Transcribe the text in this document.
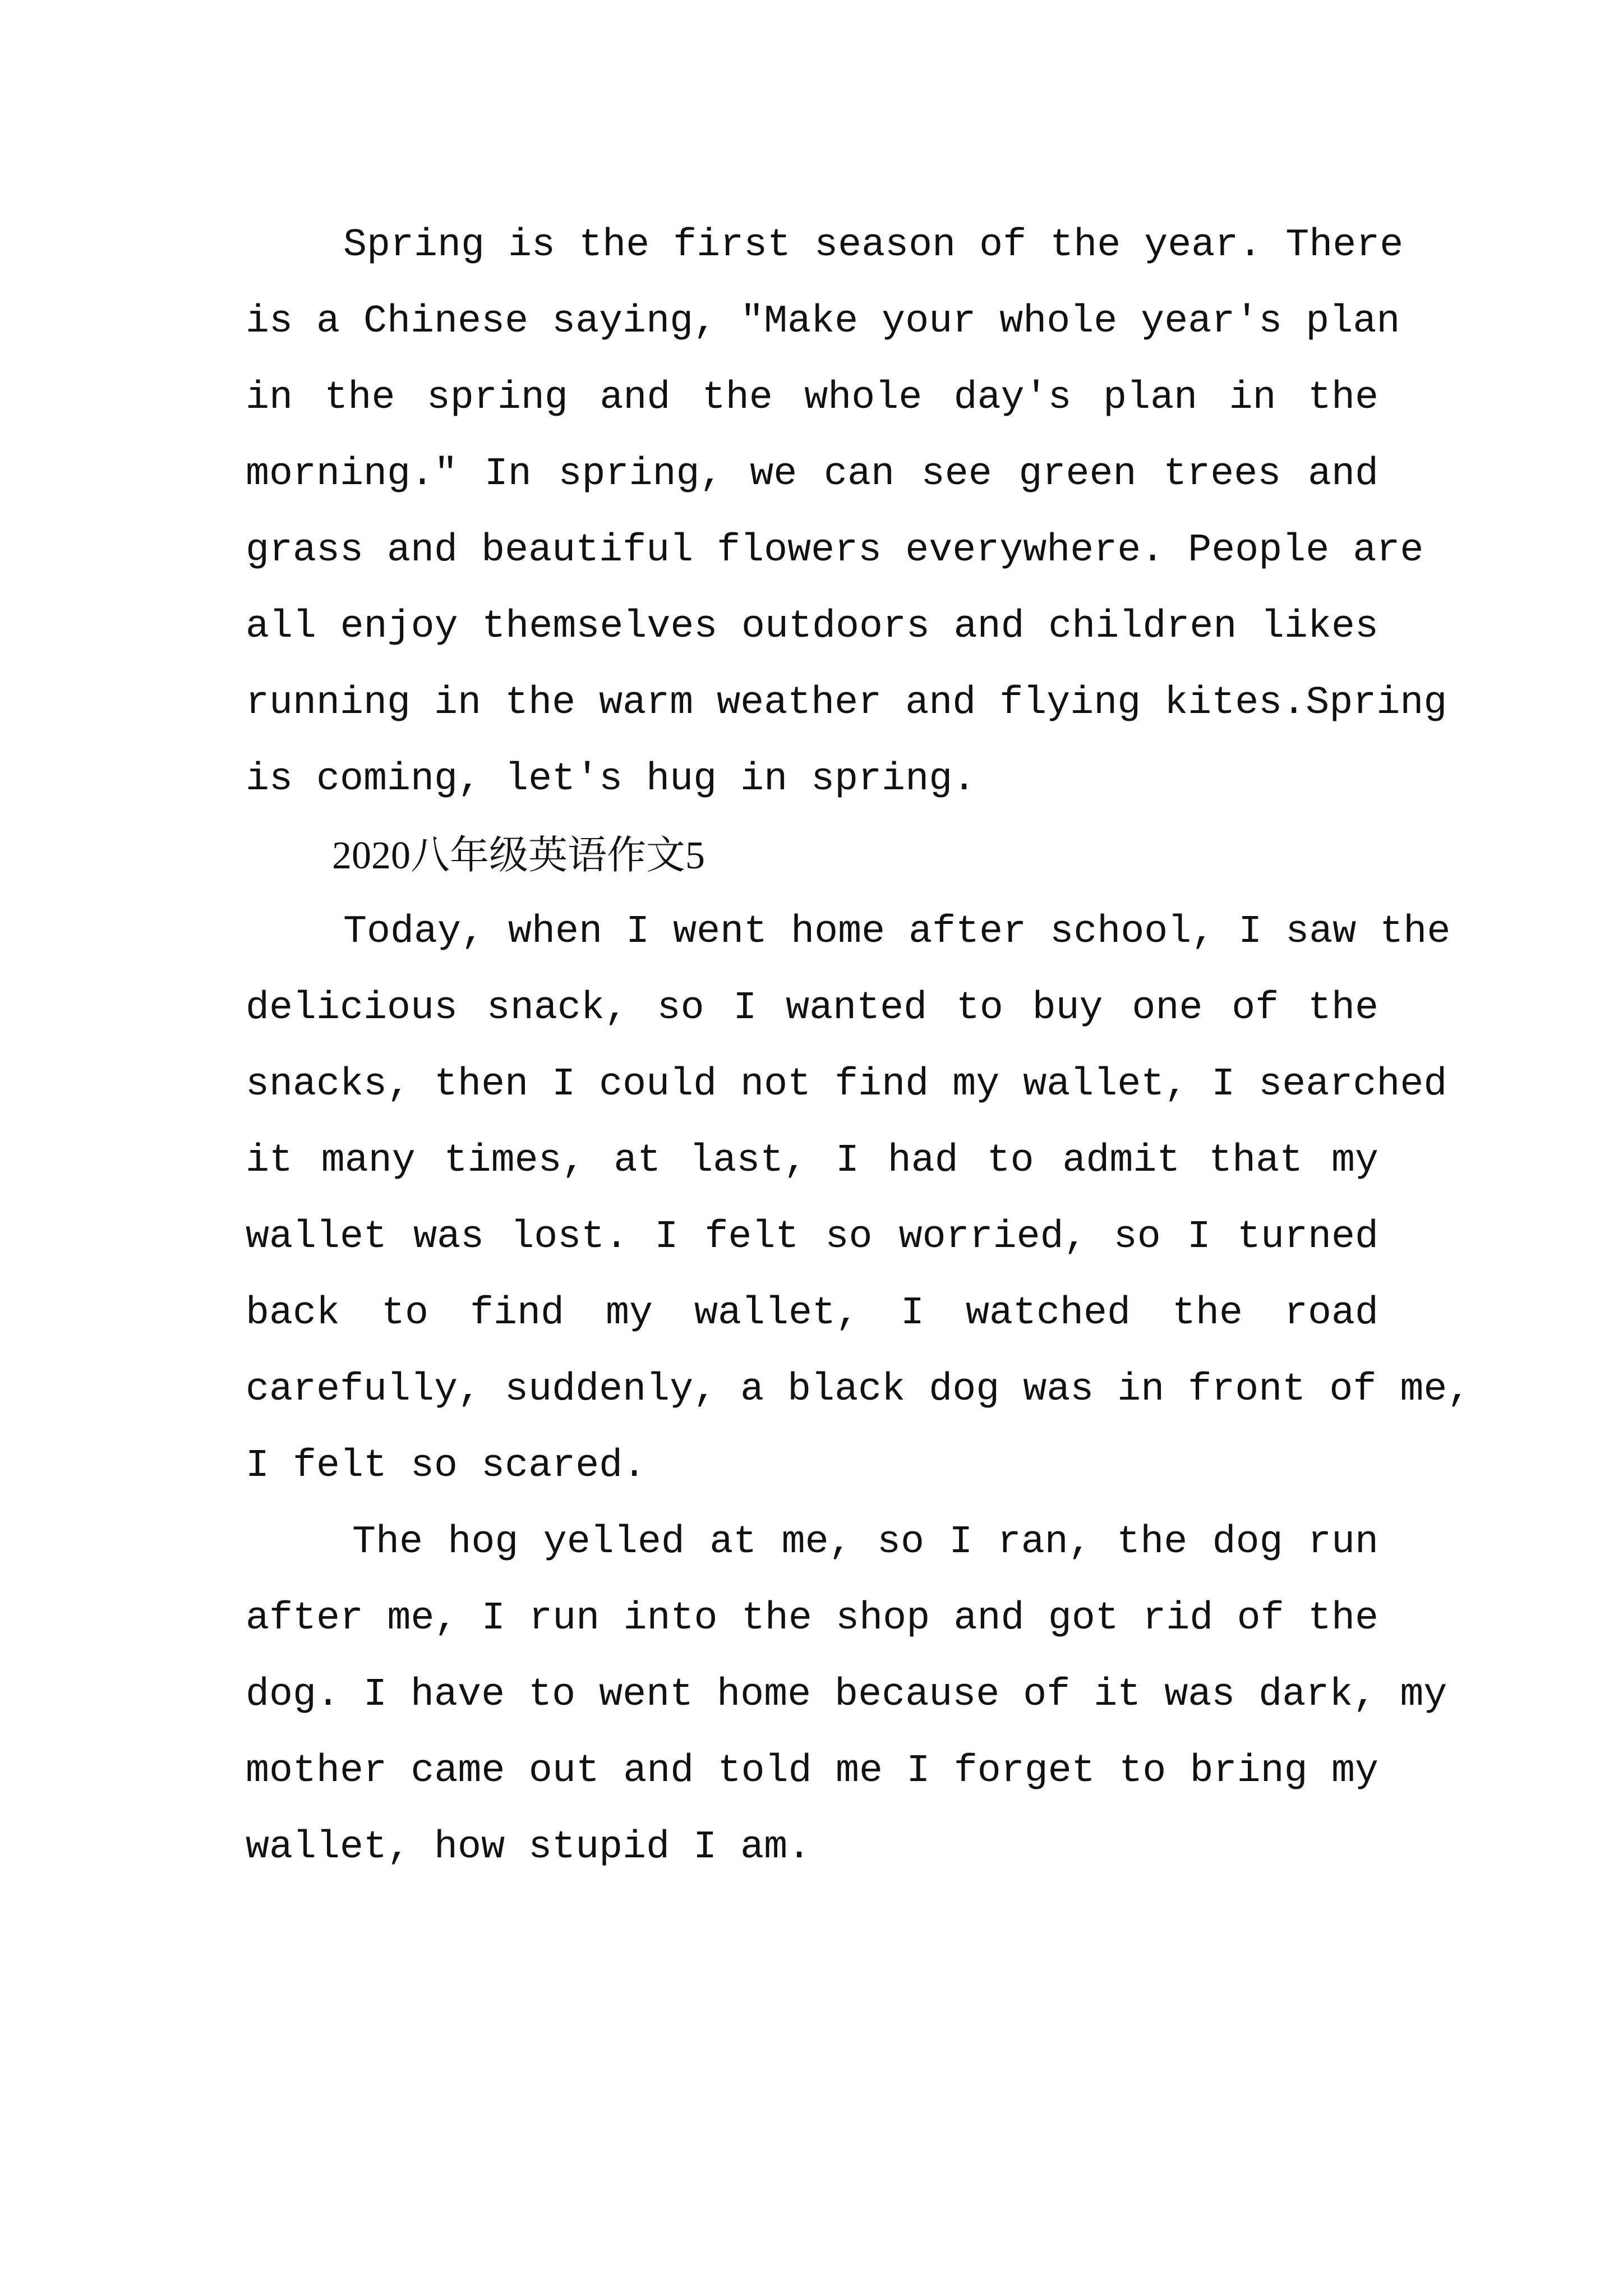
Spring is the first season of the year. There
is a Chinese saying, "Make your whole year's plan
in the spring and the whole day's plan in the
morning." In spring, we can see green trees and
grass and beautiful flowers everywhere. People are
all enjoy themselves outdoors and children likes
running in the warm weather and flying kites.Spring
is coming, let's hug in spring.
2020八年级英语作文5
Today, when I went home after school, I saw the
delicious snack, so I wanted to buy one of the
snacks, then I could not find my wallet, I searched
it many times, at last, I had to admit that my
wallet was lost. I felt so worried, so I turned
back to find my wallet, I watched the road
carefully, suddenly, a black dog was in front of me,
I felt so scared.
The hog yelled at me, so I ran, the dog run
after me, I run into the shop and got rid of the
dog. I have to went home because of it was dark, my
mother came out and told me I forget to bring my
wallet, how stupid I am.
